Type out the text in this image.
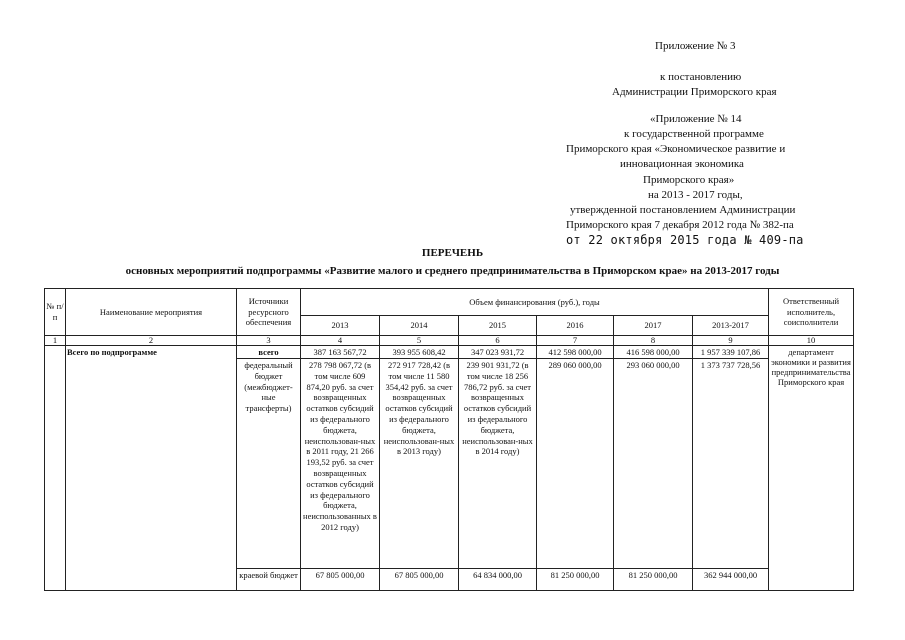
Приложение № 3
к постановлению
Администрации Приморского края
«Приложение № 14
к государственной программе
Приморского края «Экономическое развитие и
инновационная экономика
Приморского края»
на 2013 - 2017 годы,
утвержденной постановлением Администрации
Приморского края 7 декабря 2012 года № 382-па
от 22 октября 2015 года № 409-па
ПЕРЕЧЕНЬ
основных мероприятий подпрограммы «Развитие малого и среднего предпринимательства в Приморском крае» на 2013-2017 годы
№ п/п	Наименование мероприятия	Источники ресурсного обеспечения	Объем финансирования (руб.), годы						Ответственный исполнитель, соисполнители
			2013	2014	2015	2016	2017	2013-2017	
1	2	3	4	5	6	7	8	9	10
	Всего по подпрограмме	всего	387 163 567,72	393 955 608,42	347 023 931,72	412 598 000,00	416 598 000,00	1 957 339 107,86	департамент экономики и развития предпринимательства Приморского края
		федеральный бюджет (межбюджет-ные трансферты)	278 798 067,72 (в том числе 609 874,20 руб. за счет возвращенных остатков субсидий из федерального бюджета, неиспользован-ных в 2011 году, 21 266 193,52 руб. за счет возвращенных остатков субсидий из федерального бюджета, неиспользованных в 2012 году)	272 917 728,42 (в том числе 11 580 354,42 руб. за счет возвращенных остатков субсидий из федерального бюджета, неиспользован-ных в 2013 году)	239 901 931,72 (в том числе 18 256 786,72 руб. за счет возвращенных остатков субсидий из федерального бюджета, неиспользован-ных в 2014 году)	289 060 000,00	293 060 000,00	1 373 737 728,56	
		краевой бюджет	67 805 000,00	67 805 000,00	64 834 000,00	81 250 000,00	81 250 000,00	362 944 000,00	
